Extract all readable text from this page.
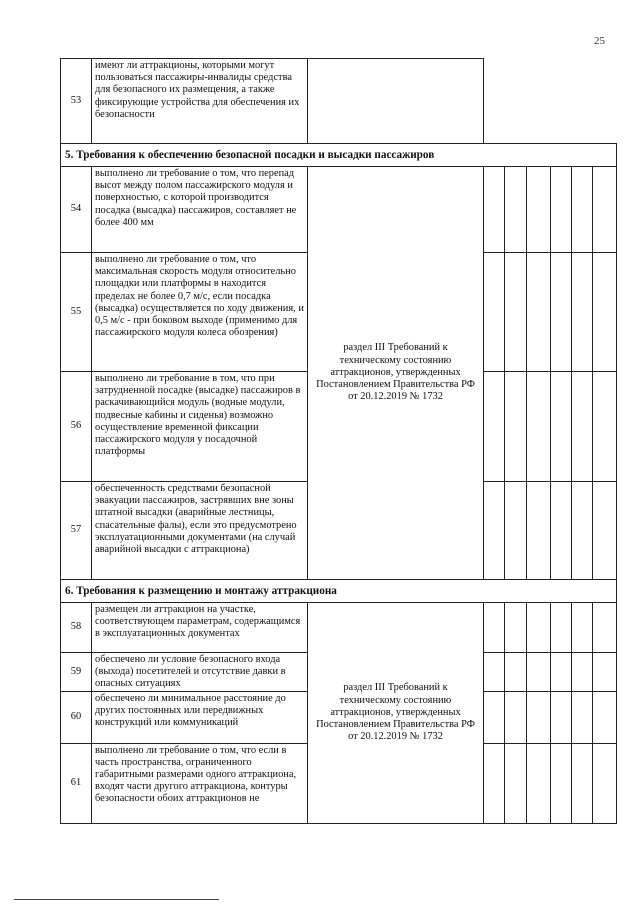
25
53	имеют ли аттракционы, которыми могут пользоваться пассажиры-инвалиды средства для безопасного их размещения, а также фиксирующие устройства для обеспечения их безопасности							
5. Требования к обеспечению безопасной посадки и высадки пассажиров								
54	выполнено ли требование о том, что перепад высот между полом пассажирского модуля и поверхностью, с которой производится посадка (высадка) пассажиров, составляет не более 400 мм	раздел III Требований к техническому состоянию аттракционов, утвержденных Постановлением Правительства РФ от 20.12.2019 № 1732						
55	выполнено ли требование о том, что максимальная скорость модуля относительно площадки или платформы в находится пределах не более 0,7 м/с, если посадка (высадка) осуществляется по ходу движения, и 0,5 м/с - при боковом выходе (применимо для пассажирского модуля колеса обозрения)							
56	выполнено ли требование в том, что при затрудненной посадке (высадке) пассажиров в раскачивающийся модуль (водные модули, подвесные кабины и сиденья) возможно осуществление временной фиксации пассажирского модуля у посадочной платформы							
57	обеспеченность средствами безопасной эвакуации пассажиров, застрявших вне зоны штатной высадки (аварийные лестницы, спасательные фалы), если это предусмотрено эксплуатационными документами (на случай аварийной высадки с аттракциона)							
6. Требования к размещению и монтажу аттракциона								
58	размещен ли аттракцион на участке, соответствующем параметрам, содержащимся в эксплуатационных документах	раздел III Требований к техническому состоянию аттракционов, утвержденных Постановлением Правительства РФ от 20.12.2019 № 1732						
59	обеспечено ли условие безопасного входа (выхода) посетителей и отсутствие давки в опасных ситуациях							
60	обеспечено ли минимальное расстояние до других постоянных или передвижных конструкций или коммуникаций							
61	выполнено ли требование о том, что если в часть пространства, ограниченного габаритными размерами одного аттракциона, входят части другого аттракциона, контуры безопасности обоих аттракционов не							
